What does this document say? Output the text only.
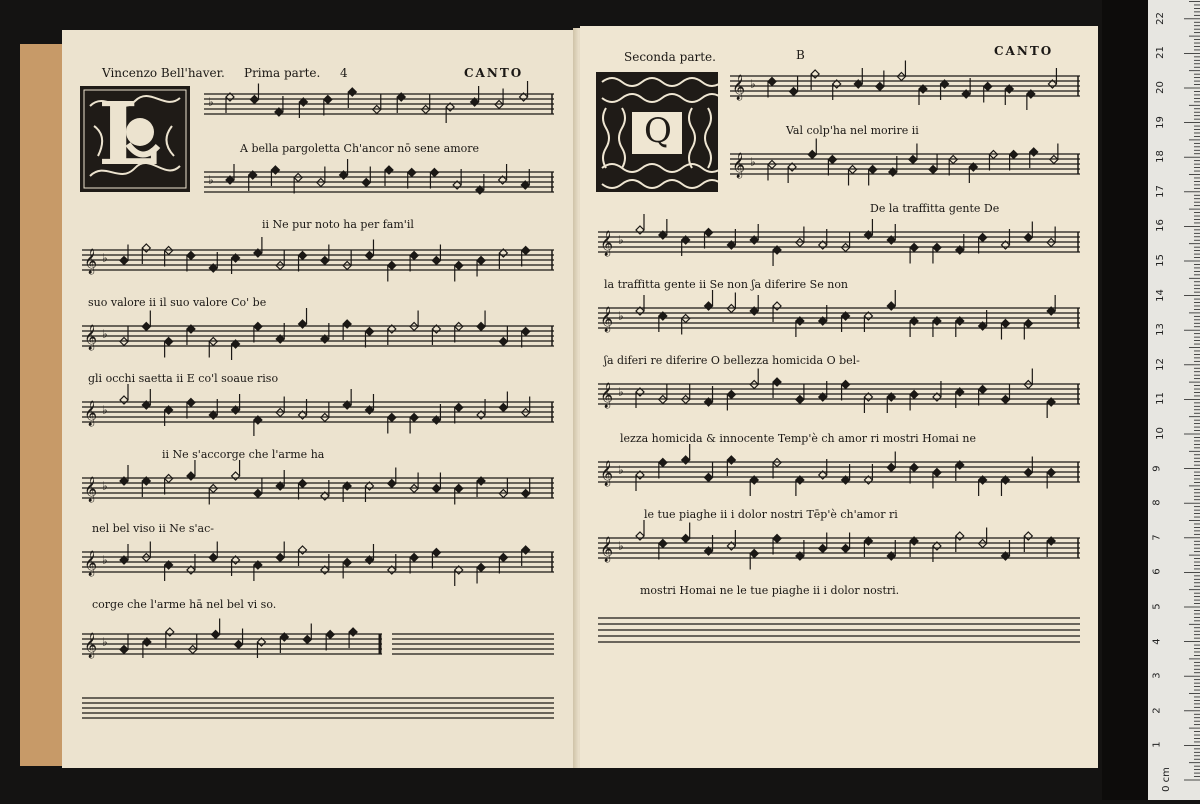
Vincenzo Bell'haver. Prima parte. 4	CANTO
L	♭
♭
𝄞 ♭
𝄞 ♭
𝄞 ♭
𝄞 ♭
𝄞 ♭
𝄞 ♭
A bella pargoletta Ch'ancor nō sene amore
ii Ne pur noto ha per fam'il
suo valore ii il suo valore Co' be
gli occhi saetta ii E co'l soaue riso
ii Ne s'accorge che l'arme ha
nel bel viso ii Ne s'ac-
corge che l'arme hā nel bel vi so.
Seconda parte.	B	CANTO
Q
𝄞 ♭
𝄞 ♭
𝄞 ♭
𝄞 ♭
𝄞 ♭
𝄞 ♭
𝄞 ♭
Val colp'ha nel morire ii
De la traffitta gente De
la traffitta gente ii Se non ʃa diferire Se non
ʃa diferi re diferire O bellezza homicida O bel-
lezza homicida & innocente Temp'è ch amor ri mostri Homai ne
le tue piaghe ii i dolor nostri Tēp'è ch'amor ri
mostri Homai ne le tue piaghe ii i dolor nostri.
0 cm
1
2
3
4
5
6
7
8
9
10
11
12
13
14
15
16
17
18
19
20
21
22
